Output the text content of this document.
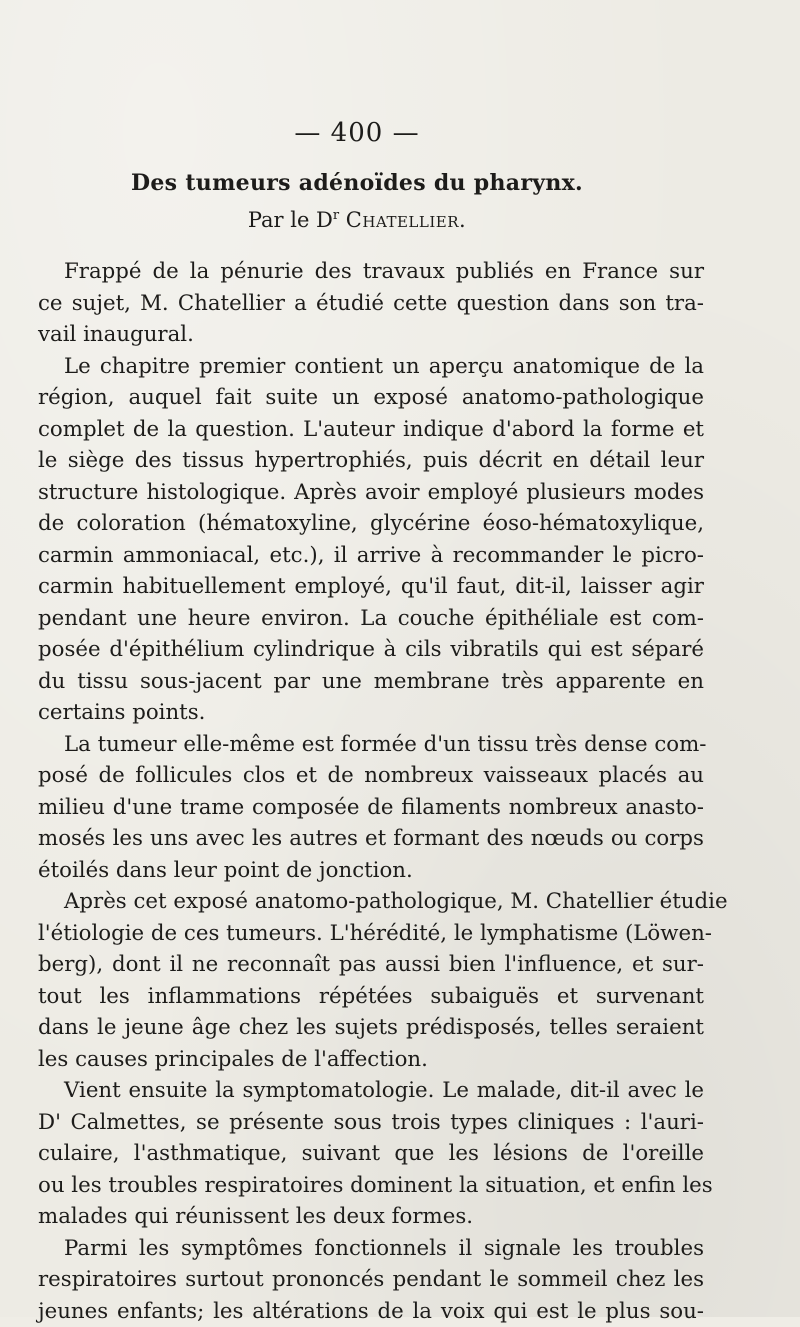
— 400 —
Des tumeurs adénoïdes du pharynx.
Par le $D^r$ Chatellier.
Frappé de la pénurie des travaux publiés en France sur
ce sujet, M. Chatellier a étudié cette question dans son tra-
vail inaugural.
Le chapitre premier contient un aperçu anatomique de la
région, auquel fait suite un exposé anatomo-pathologique
complet de la question. L'auteur indique d'abord la forme et
le siège des tissus hypertrophiés, puis décrit en détail leur
structure histologique. Après avoir employé plusieurs modes
de coloration (hématoxyline, glycérine éoso-hématoxylique,
carmin ammoniacal, etc.), il arrive à recommander le picro-
carmin habituellement employé, qu'il faut, dit-il, laisser agir
pendant une heure environ. La couche épithéliale est com-
posée d'épithélium cylindrique à cils vibratils qui est séparé
du tissu sous-jacent par une membrane très apparente en
certains points.
La tumeur elle-même est formée d'un tissu très dense com-
posé de follicules clos et de nombreux vaisseaux placés au
milieu d'une trame composée de filaments nombreux anasto-
mosés les uns avec les autres et formant des nœuds ou corps
étoilés dans leur point de jonction.
Après cet exposé anatomo-pathologique, M. Chatellier étudie
l'étiologie de ces tumeurs. L'hérédité, le lymphatisme (Löwen-
berg), dont il ne reconnaît pas aussi bien l'influence, et sur-
tout les inflammations répétées subaiguës et survenant
dans le jeune âge chez les sujets prédisposés, telles seraient
les causes principales de l'affection.
Vient ensuite la symptomatologie. Le malade, dit-il avec le
D' Calmettes, se présente sous trois types cliniques : l'auri-
culaire, l'asthmatique, suivant que les lésions de l'oreille
ou les troubles respiratoires dominent la situation, et enfin les
malades qui réunissent les deux formes.
Parmi les symptômes fonctionnels il signale les troubles
respiratoires surtout prononcés pendant le sommeil chez les
jeunes enfants; les altérations de la voix qui est le plus sou-
